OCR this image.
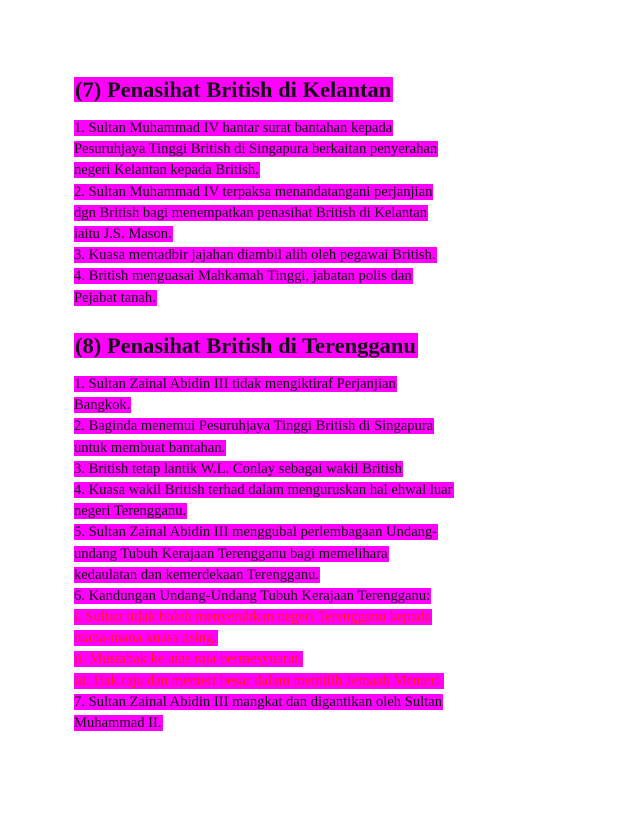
(7) Penasihat British di Kelantan
1. Sultan Muhammad IV hantar surat bantahan kepada
Pesuruhjaya Tinggi British di Singapura berkaitan penyerahan
negeri Kelantan kepada British.
2. Sultan Muhammad IV terpaksa menandatangani perjanjian
dgn British bagi menempatkan penasihat British di Kelantan
iaitu J.S. Mason.
3. Kuasa mentadbir jajahan diambil alih oleh pegawai British.
4. British menguasai Mahkamah Tinggi, jabatan polis dan
Pejabat tanah.
(8) Penasihat British di Terengganu
1. Sultan Zainal Abidin III tidak mengiktiraf Perjanjian
Bangkok.
2. Baginda menemui Pesuruhjaya Tinggi British di Singapura
untuk membuat bantahan.
3. British tetap lantik W.L. Conlay sebagai wakil British
4. Kuasa wakil British terhad dalam menguruskan hal ehwal luar
negeri Terengganu.
5. Sultan Zainal Abidin III menggubal perlembagaan Undang-
undang Tubuh Kerajaan Terengganu bagi memelihara
kedaulatan dan kemerdekaan Terengganu.
6. Kandungan Undang-Undang Tubuh Kerajaan Terengganu:
i. Sultan tidak boleh menyerahkan negeri Terengganu kepada
mana-mana kuasa asing.
ii. Mustahak ke atas raja bermesyuarat.
iii. Hak raja dan menteri besar dalam memilih Jemaah Menteri.
7. Sultan Zainal Abidin III mangkat dan digantikan oleh Sultan
Muhammad II.
